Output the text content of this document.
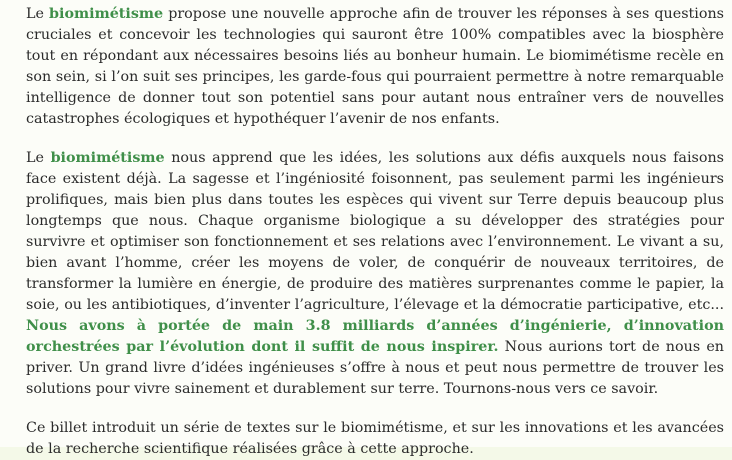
Le biomimétisme propose une nouvelle approche afin de trouver les réponses à ses questions cruciales et concevoir les technologies qui sauront être 100% compatibles avec la biosphère tout en répondant aux nécessaires besoins liés au bonheur humain. Le biomimétisme recèle en son sein, si l’on suit ses principes, les garde-fous qui pourraient permettre à notre remarquable intelligence de donner tout son potentiel sans pour autant nous entraîner vers de nouvelles catastrophes écologiques et hypothéquer l’avenir de nos enfants.

Le biomimétisme nous apprend que les idées, les solutions aux défis auxquels nous faisons face existent déjà. La sagesse et l’ingéniosité foisonnent, pas seulement parmi les ingénieurs prolifiques, mais bien plus dans toutes les espèces qui vivent sur Terre depuis beaucoup plus longtemps que nous. Chaque organisme biologique a su développer des stratégies pour survivre et optimiser son fonctionnement et ses relations avec l’environnement. Le vivant a su, bien avant l’homme, créer les moyens de voler, de conquérir de nouveaux territoires, de transformer la lumière en énergie, de produire des matières surprenantes comme le papier, la soie, ou les antibiotiques, d’inventer l’agriculture, l’élevage et la démocratie participative, etc... Nous avons à portée de main 3.8 milliards d’années d’ingénierie, d’innovation orchestrées par l’évolution dont il suffit de nous inspirer. Nous aurions tort de nous en priver. Un grand livre d’idées ingénieuses s’offre à nous et peut nous permettre de trouver les solutions pour vivre sainement et durablement sur terre. Tournons-nous vers ce savoir.

Ce billet introduit un série de textes sur le biomimétisme, et sur les innovations et les avancées de la recherche scientifique réalisées grâce à cette approche.
